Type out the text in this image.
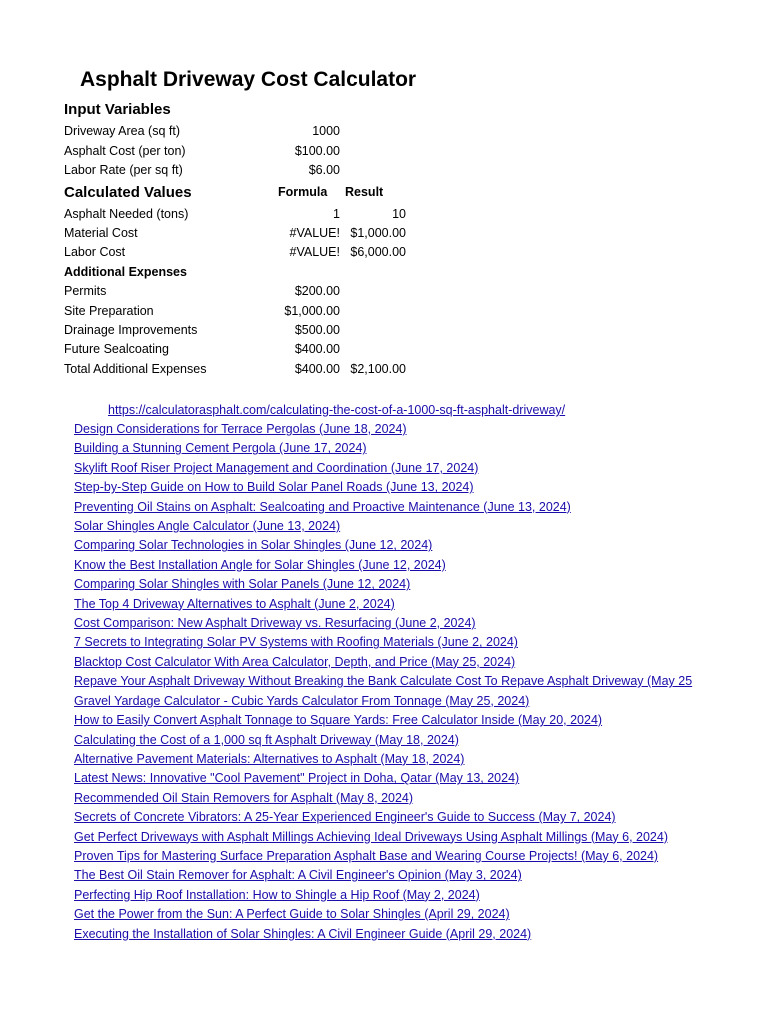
Asphalt Driveway Cost Calculator
Input Variables
Driveway Area (sq ft)	1000
Asphalt Cost (per ton)	$100.00
Labor Rate (per sq ft)	$6.00
Calculated Values	Formula Result
Asphalt Needed (tons)	1	10
Material Cost	#VALUE! $1,000.00
Labor Cost	#VALUE! $6,000.00
Additional Expenses
Permits	$200.00
Site Preparation	$1,000.00
Drainage Improvements	$500.00
Future Sealcoating	$400.00
Total Additional Expenses	$400.00 $2,100.00
https://calculatorasphalt.com/calculating-the-cost-of-a-1000-sq-ft-asphalt-driveway/
Design Considerations for Terrace Pergolas (June 18, 2024)
Building a Stunning Cement Pergola (June 17, 2024)
Skylift Roof Riser Project Management and Coordination (June 17, 2024)
Step-by-Step Guide on How to Build Solar Panel Roads (June 13, 2024)
Preventing Oil Stains on Asphalt: Sealcoating and Proactive Maintenance (June 13, 2024)
Solar Shingles Angle Calculator (June 13, 2024)
Comparing Solar Technologies in Solar Shingles (June 12, 2024)
Know the Best Installation Angle for Solar Shingles (June 12, 2024)
Comparing Solar Shingles with Solar Panels (June 12, 2024)
The Top 4 Driveway Alternatives to Asphalt (June 2, 2024)
Cost Comparison: New Asphalt Driveway vs. Resurfacing (June 2, 2024)
7 Secrets to Integrating Solar PV Systems with Roofing Materials (June 2, 2024)
Blacktop Cost Calculator With Area Calculator, Depth, and Price (May 25, 2024)
Repave Your Asphalt Driveway Without Breaking the Bank Calculate Cost To Repave Asphalt Driveway (May 25
Gravel Yardage Calculator - Cubic Yards Calculator From Tonnage (May 25, 2024)
How to Easily Convert Asphalt Tonnage to Square Yards: Free Calculator Inside (May 20, 2024)
Calculating the Cost of a 1,000 sq ft Asphalt Driveway (May 18, 2024)
Alternative Pavement Materials: Alternatives to Asphalt (May 18, 2024)
Latest News: Innovative "Cool Pavement" Project in Doha, Qatar (May 13, 2024)
Recommended Oil Stain Removers for Asphalt (May 8, 2024)
Secrets of Concrete Vibrators: A 25-Year Experienced Engineer's Guide to Success (May 7, 2024)
Get Perfect Driveways with Asphalt Millings Achieving Ideal Driveways Using Asphalt Millings (May 6, 2024)
Proven Tips for Mastering Surface Preparation Asphalt Base and Wearing Course Projects! (May 6, 2024)
The Best Oil Stain Remover for Asphalt: A Civil Engineer's Opinion (May 3, 2024)
Perfecting Hip Roof Installation: How to Shingle a Hip Roof (May 2, 2024)
Get the Power from the Sun: A Perfect Guide to Solar Shingles (April 29, 2024)
Executing the Installation of Solar Shingles: A Civil Engineer Guide (April 29, 2024)
